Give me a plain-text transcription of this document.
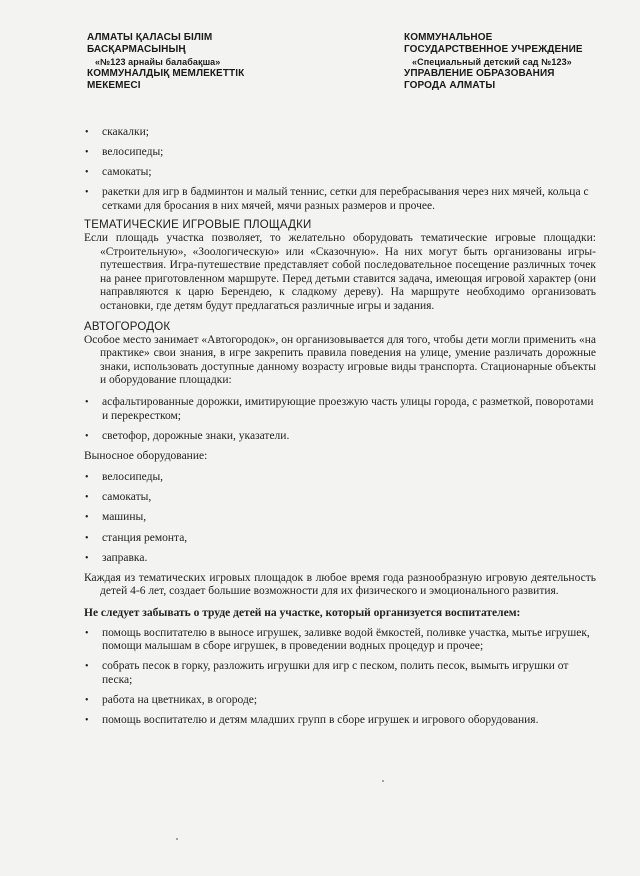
АЛМАТЫ ҚАЛАСЫ БІЛІМ
БАСҚАРМАСЫНЫҢ
«№123 арнайы балабақша»
КОММУНАЛДЫҚ МЕМЛЕКЕТТІК
МЕКЕМЕСІ
КОММУНАЛЬНОЕ
ГОСУДАРСТВЕННОЕ УЧРЕЖДЕНИЕ
«Специальный детский сад №123»
УПРАВЛЕНИЕ ОБРАЗОВАНИЯ
ГОРОДА АЛМАТЫ
• скакалки;
• велосипеды;
• самокаты;
• ракетки для игр в бадминтон и малый теннис, сетки для перебрасывания через них мячей, кольца с сетками для бросания в них мячей, мячи разных размеров и прочее.
ТЕМАТИЧЕСКИЕ ИГРОВЫЕ ПЛОЩАДКИ

Если площадь участка позволяет, то желательно оборудовать тематические игровые площадки: «Строительную», «Зоологическую» или «Сказочную». На них могут быть организованы игры-путешествия. Игра-путешествие представляет собой последовательное посещение различных точек на ранее приготовленном маршруте. Перед детьми ставится задача, имеющая игровой характер (они направляются к царю Берендею, к сладкому дереву). На маршруте необходимо организовать остановки, где детям будут предлагаться различные игры и задания.

АВТОГОРОДОК

Особое место занимает «Автогородок», он организовывается для того, чтобы дети могли применить «на практике» свои знания, в игре закрепить правила поведения на улице, умение различать дорожные знаки, использовать доступные данному возрасту игровые виды транспорта. Стационарные объекты и оборудование площадки:

• асфальтированные дорожки, имитирующие проезжую часть улицы города, с разметкой, поворотами и перекрестком;
• светофор, дорожные знаки, указатели.
Выносное оборудование:
• велосипеды,
• самокаты,
• машины,
• станция ремонта,
• заправка.

Каждая из тематических игровых площадок в любое время года разнообразную игровую деятельность детей 4-6 лет, создает большие возможности для их физического и эмоционального развития.

Не следует забывать о труде детей на участке, который организуется воспитателем:
• помощь воспитателю в выносе игрушек, заливке водой ёмкостей, поливке участка, мытье игрушек, помощи малышам в сборе игрушек, в проведении водных процедур и прочее;
• собрать песок в горку, разложить игрушки для игр с песком, полить песок, вымыть игрушки от песка;
• работа на цветниках, в огороде;
• помощь воспитателю и детям младших групп в сборе игрушек и игрового оборудования.
